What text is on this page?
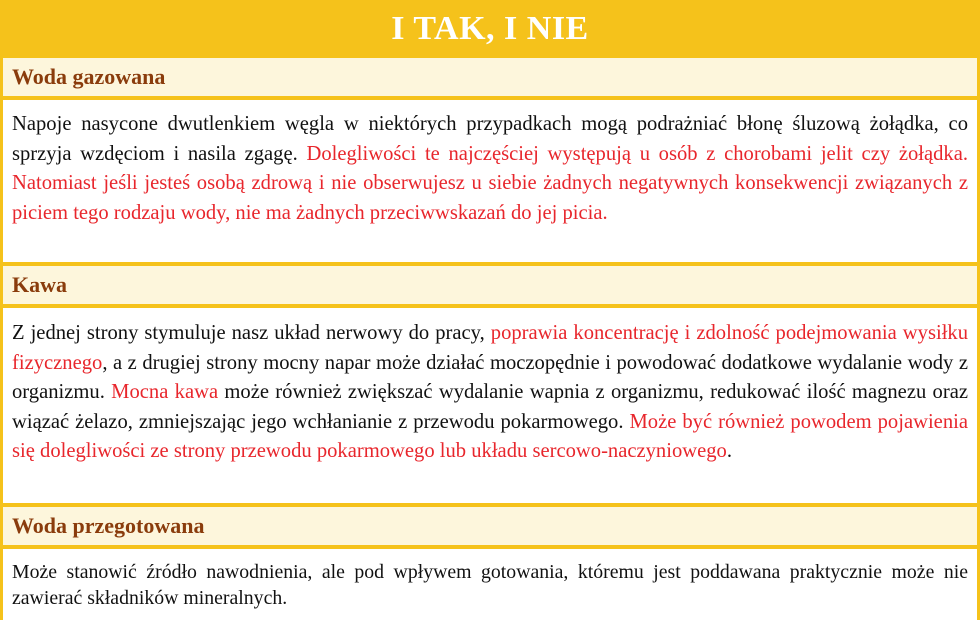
I TAK, I NIE
Woda gazowana
Napoje nasycone dwutlenkiem węgla w niektórych przypadkach mogą podrażniać błonę śluzową żołądka, co sprzyja wzdęciom i nasila zgagę. Dolegliwości te najczęściej występują u osób z chorobami jelit czy żołądka. Natomiast jeśli jesteś osobą zdrową i nie obserwujesz u siebie żadnych negatywnych konsekwencji związanych z piciem tego rodzaju wody, nie ma żadnych przeciwwskazań do jej picia.
Kawa
Z jednej strony stymuluje nasz układ nerwowy do pracy, poprawia koncentrację i zdolność podejmowania wysiłku fizycznego, a z drugiej strony mocny napar może działać moczopędnie i powodować dodatkowe wydalanie wody z organizmu. Mocna kawa może również zwiększać wydalanie wapnia z organizmu, redukować ilość magnezu oraz wiązać żelazo, zmniejszając jego wchłanianie z przewodu pokarmowego. Może być również powodem pojawienia się dolegliwości ze strony przewodu pokarmowego lub układu sercowo-naczyniowego.
Woda przegotowana
Może stanowić źródło nawodnienia, ale pod wpływem gotowania, któremu jest poddawana praktycznie może nie zawierać składników mineralnych.
